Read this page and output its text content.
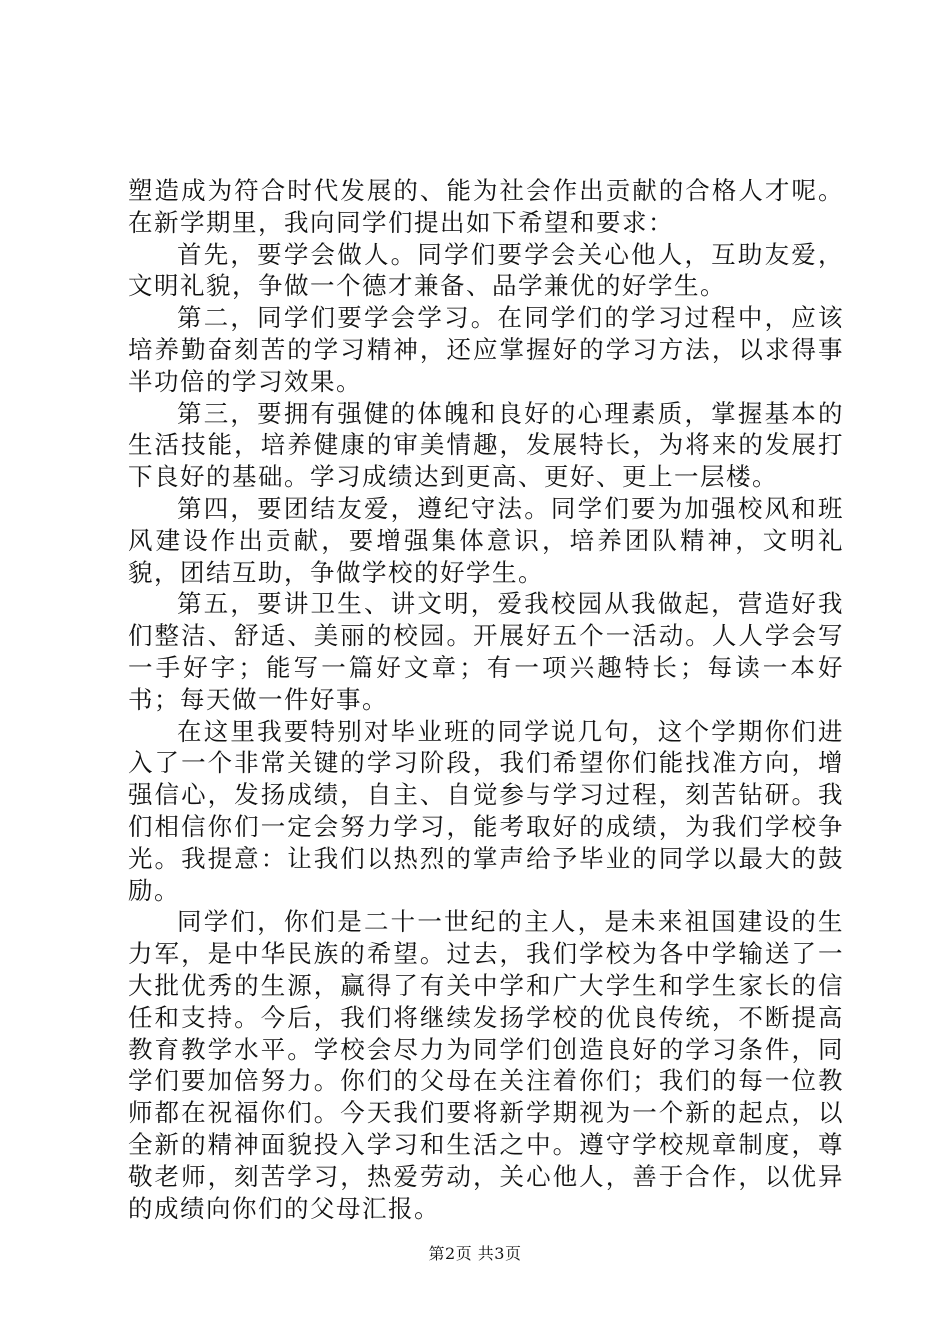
塑造成为符合时代发展的、能为社会作出贡献的合格人才呢。在新学期里，我向同学们提出如下希望和要求：

首先，要学会做人。同学们要学会关心他人，互助友爱，文明礼貌，争做一个德才兼备、品学兼优的好学生。

第二，同学们要学会学习。在同学们的学习过程中，应该培养勤奋刻苦的学习精神，还应掌握好的学习方法，以求得事半功倍的学习效果。

第三，要拥有强健的体魄和良好的心理素质，掌握基本的生活技能，培养健康的审美情趣，发展特长，为将来的发展打下良好的基础。学习成绩达到更高、更好、更上一层楼。

第四，要团结友爱，遵纪守法。同学们要为加强校风和班风建设作出贡献，要增强集体意识，培养团队精神，文明礼貌，团结互助，争做学校的好学生。

第五，要讲卫生、讲文明，爱我校园从我做起，营造好我们整洁、舒适、美丽的校园。开展好五个一活动。人人学会写一手好字；能写一篇好文章；有一项兴趣特长；每读一本好书；每天做一件好事。

在这里我要特别对毕业班的同学说几句，这个学期你们进入了一个非常关键的学习阶段，我们希望你们能找准方向，增强信心，发扬成绩，自主、自觉参与学习过程，刻苦钻研。我们相信你们一定会努力学习，能考取好的成绩，为我们学校争光。我提意：让我们以热烈的掌声给予毕业的同学以最大的鼓励。

同学们，你们是二十一世纪的主人，是未来祖国建设的生力军，是中华民族的希望。过去，我们学校为各中学输送了一大批优秀的生源，赢得了有关中学和广大学生和学生家长的信任和支持。今后，我们将继续发扬学校的优良传统，不断提高教育教学水平。学校会尽力为同学们创造良好的学习条件，同学们要加倍努力。你们的父母在关注着你们；我们的每一位教师都在祝福你们。今天我们要将新学期视为一个新的起点，以全新的精神面貌投入学习和生活之中。遵守学校规章制度，尊敬老师，刻苦学习，热爱劳动，关心他人，善于合作，以优异的成绩向你们的父母汇报。

第2页 共3页
